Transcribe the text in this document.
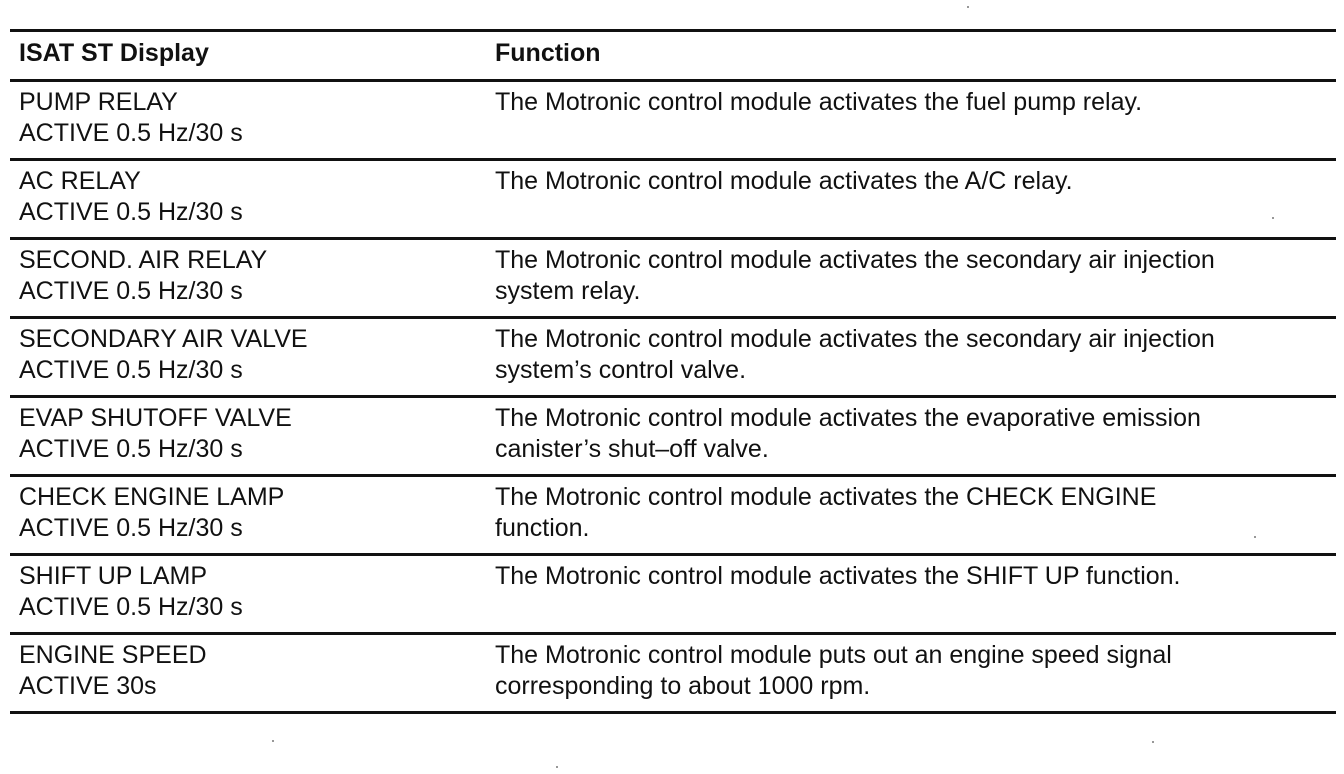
ISAT ST Display	Function

PUMP RELAY
ACTIVE 0.5 Hz/30 s	The Motronic control module activates the fuel pump relay.

AC RELAY
ACTIVE 0.5 Hz/30 s	The Motronic control module activates the A/C relay.

SECOND. AIR RELAY
ACTIVE 0.5 Hz/30 s	The Motronic control module activates the secondary air injection
system relay.

SECONDARY AIR VALVE
ACTIVE 0.5 Hz/30 s	The Motronic control module activates the secondary air injection
system’s control valve.

EVAP SHUTOFF VALVE
ACTIVE 0.5 Hz/30 s	The Motronic control module activates the evaporative emission
canister’s shut–off valve.

CHECK ENGINE LAMP
ACTIVE 0.5 Hz/30 s	The Motronic control module activates the CHECK ENGINE
function.

SHIFT UP LAMP
ACTIVE 0.5 Hz/30 s	The Motronic control module activates the SHIFT UP function.

ENGINE SPEED
ACTIVE 30s	The Motronic control module puts out an engine speed signal
corresponding to about 1000 rpm.
